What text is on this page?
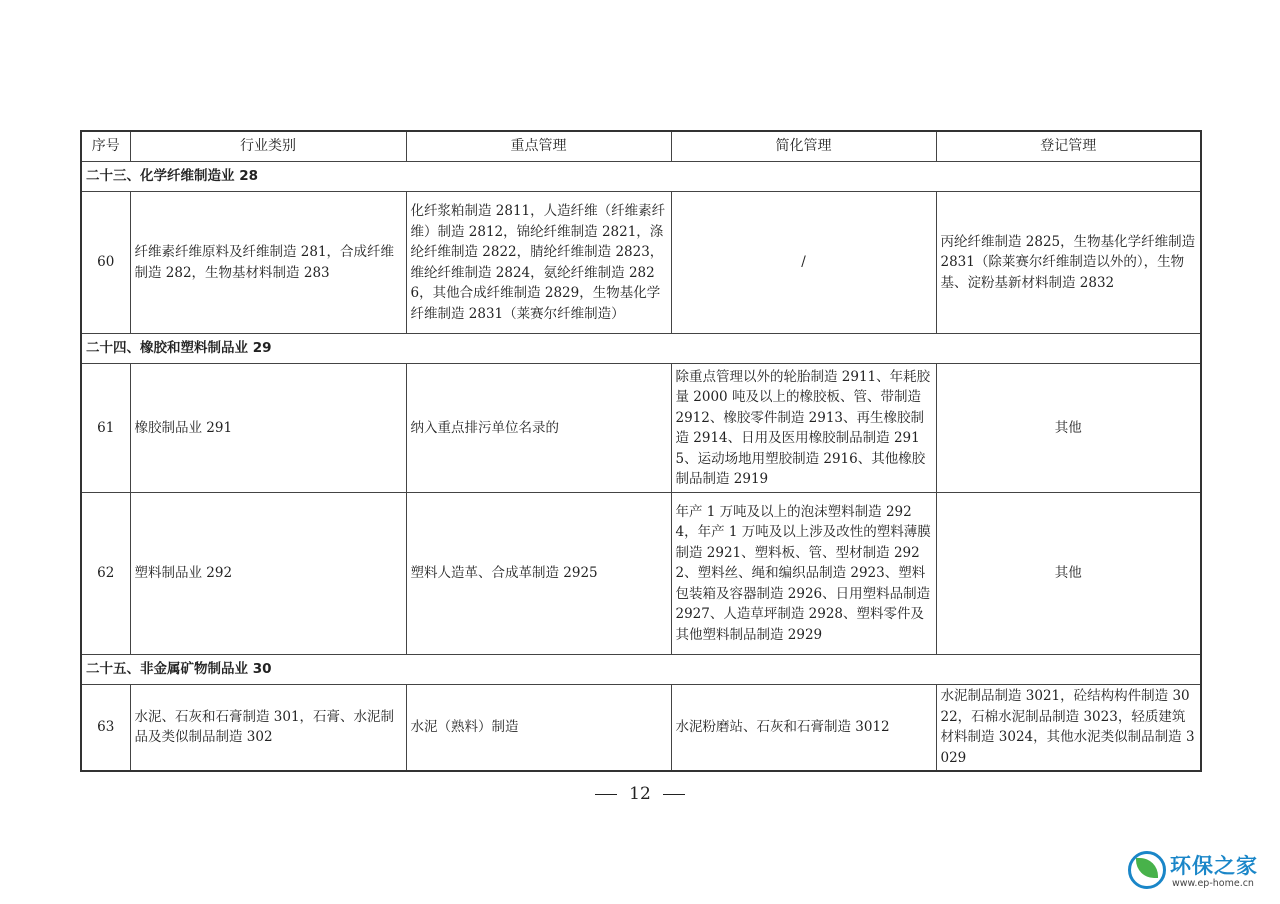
序号	行业类别	重点管理	简化管理	登记管理
二十三、化学纤维制造业 28				
60	纤维素纤维原料及纤维制造 281，合成纤维制造 282，生物基材料制造 283	化纤浆粕制造 2811，人造纤维（纤维素纤维）制造 2812，锦纶纤维制造 2821，涤纶纤维制造 2822，腈纶纤维制造 2823，维纶纤维制造 2824，氨纶纤维制造 2826，其他合成纤维制造 2829，生物基化学纤维制造 2831（莱赛尔纤维制造）	/	丙纶纤维制造 2825，生物基化学纤维制造 2831（除莱赛尔纤维制造以外的），生物基、淀粉基新材料制造 2832
二十四、橡胶和塑料制品业 29				
61	橡胶制品业 291	纳入重点排污单位名录的	除重点管理以外的轮胎制造 2911、年耗胶量 2000 吨及以上的橡胶板、管、带制造 2912、橡胶零件制造 2913、再生橡胶制造 2914、日用及医用橡胶制品制造 2915、运动场地用塑胶制造 2916、其他橡胶制品制造 2919	其他
62	塑料制品业 292	塑料人造革、合成革制造 2925	年产 1 万吨及以上的泡沫塑料制造 2924，年产 1 万吨及以上涉及改性的塑料薄膜制造 2921、塑料板、管、型材制造 2922、塑料丝、绳和编织品制造 2923、塑料包装箱及容器制造 2926、日用塑料品制造 2927、人造草坪制造 2928、塑料零件及其他塑料制品制造 2929	其他
二十五、非金属矿物制品业 30				
63	水泥、石灰和石膏制造 301，石膏、水泥制品及类似制品制造 302	水泥（熟料）制造	水泥粉磨站、石灰和石膏制造 3012	水泥制品制造 3021，砼结构构件制造 3022，石棉水泥制品制造 3023，轻质建筑材料制造 3024，其他水泥类似制品制造 3029
12
环保之家
www.ep-home.cn
